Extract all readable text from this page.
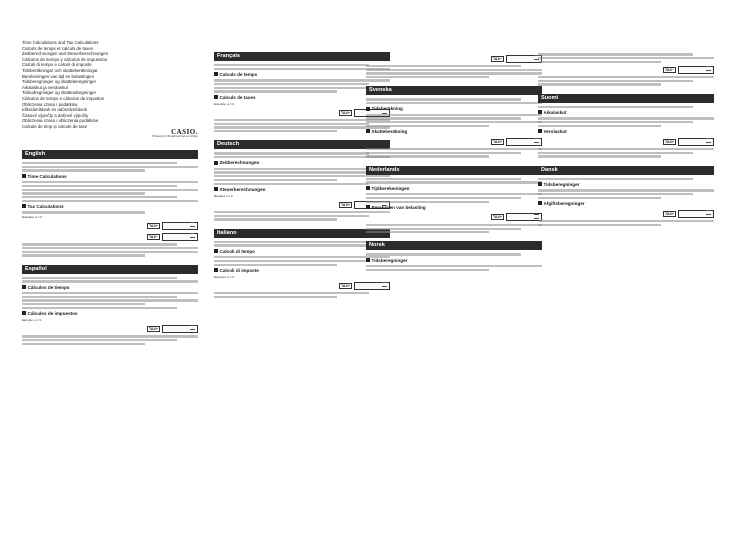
Time Calculations and Tax Calculations
Calculs de temps et calculs de taxes
Zeitberechnungen und Steuerberechnungen
Cálculos de tiempo y cálculos de impuestos
Calcoli di tempo e calcoli di imposte
Tidsberäkningar och skatteberäkningar
Berekeningen van tijd en belastingen
Tidsberegninger og skatteberegninger
Aikalaskut ja verolaskut
Tidsudregninger og skatteudregninger
Cálculos de tempo e cálculos de impostos
Obliczenia czasu i podatków
Időszámítások és adószámítások
Časové výpočty a daňové výpočty
Obliczenia czasu i obliczenia podatków
Calcule de timp și calcule de taxe
CASIO.
Printed in China/Imprimé en Chine
English
Time Calculations
Tax Calculations
Example: a = b
TAX+
TAX−
Español
Cálculos de tiempo
Cálculos de impuestos
Ejemplo: a = b
TAX+
Français
Calculs de temps
Calculs de taxes
Exemple: a = b
TAX+
Deutsch
Zeitberechnungen
Steuerberechnungen
Beispiel: a = b
TAX+
Italiano
Calcoli di tempo
Calcoli di imposte
Esempio: a = b
TAX+
TAX−
Svenska
Tidsberäkning
Skatteberäkning
TAX+
Nederlands
Tijdberekeningen
Berekenen van belasting
TAX+
Norsk
Tidsberegninger
TAX−
Suomi
Aikalaskut
Verolaskut
TAX+
Dansk
Tidsberegninger
Afgiftsberegninger
TAX+
